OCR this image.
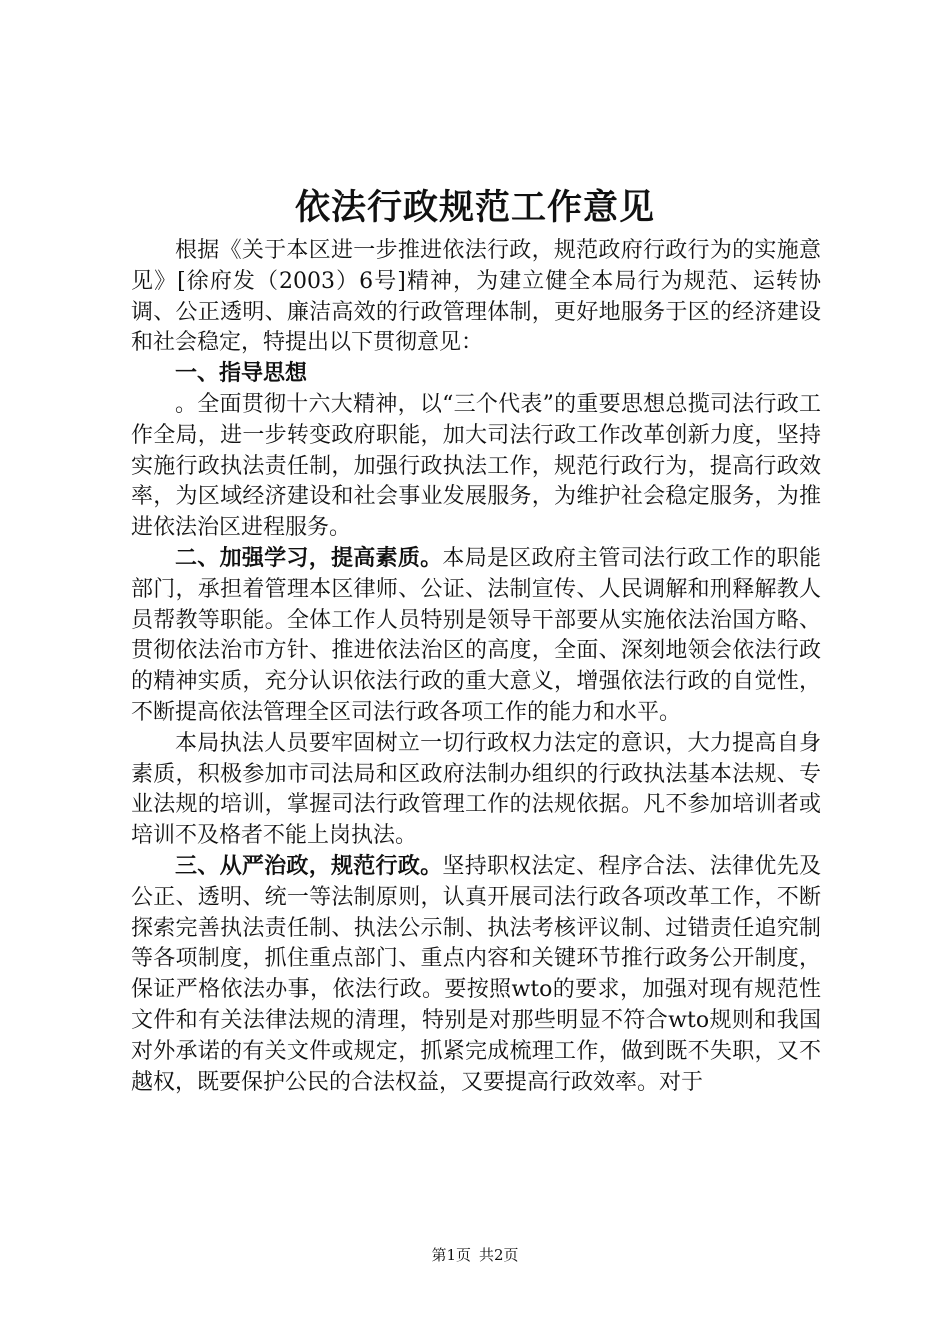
依法行政规范工作意见

根据《关于本区进一步推进依法行政，规范政府行政行为的实施意见》[徐府发（2003）6号]精神，为建立健全本局行为规范、运转协调、公正透明、廉洁高效的行政管理体制，更好地服务于区的经济建设和社会稳定，特提出以下贯彻意见：

一、指导思想

。全面贯彻十六大精神，以“三个代表”的重要思想总揽司法行政工作全局，进一步转变政府职能，加大司法行政工作改革创新力度，坚持实施行政执法责任制，加强行政执法工作，规范行政行为，提高行政效率，为区域经济建设和社会事业发展服务，为维护社会稳定服务，为推进依法治区进程服务。

二、加强学习，提高素质。本局是区政府主管司法行政工作的职能部门，承担着管理本区律师、公证、法制宣传、人民调解和刑释解教人员帮教等职能。全体工作人员特别是领导干部要从实施依法治国方略、贯彻依法治市方针、推进依法治区的高度，全面、深刻地领会依法行政的精神实质，充分认识依法行政的重大意义，增强依法行政的自觉性，不断提高依法管理全区司法行政各项工作的能力和水平。

本局执法人员要牢固树立一切行政权力法定的意识，大力提高自身素质，积极参加市司法局和区政府法制办组织的行政执法基本法规、专业法规的培训，掌握司法行政管理工作的法规依据。凡不参加培训者或培训不及格者不能上岗执法。

三、从严治政，规范行政。坚持职权法定、程序合法、法律优先及公正、透明、统一等法制原则，认真开展司法行政各项改革工作，不断探索完善执法责任制、执法公示制、执法考核评议制、过错责任追究制等各项制度，抓住重点部门、重点内容和关键环节推行政务公开制度，保证严格依法办事，依法行政。要按照wto的要求，加强对现有规范性文件和有关法律法规的清理，特别是对那些明显不符合wto规则和我国对外承诺的有关文件或规定，抓紧完成梳理工作，做到既不失职，又不越权，既要保护公民的合法权益，又要提高行政效率。对于

第1页 共2页
